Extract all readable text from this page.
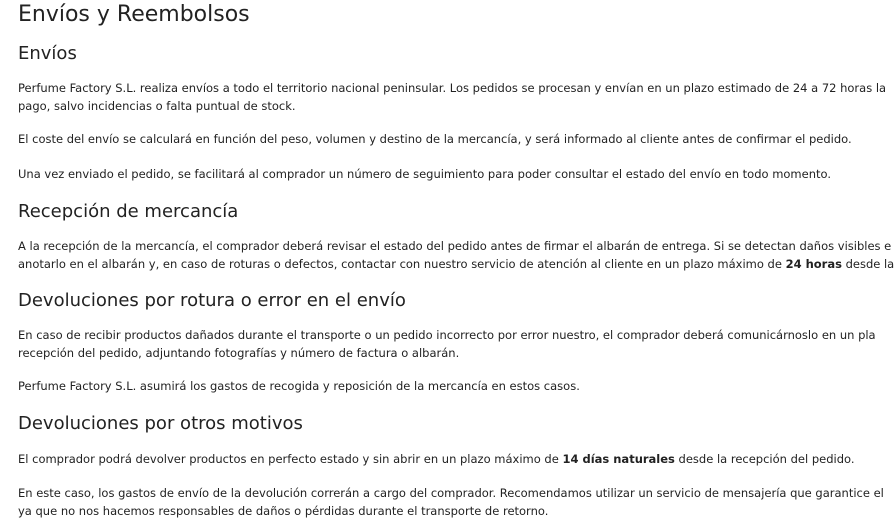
Envíos y Reembolsos
Envíos

Perfume Factory S.L. realiza envíos a todo el territorio nacional peninsular. Los pedidos se procesan y envían en un plazo estimado de 24 a 72 horas la
pago, salvo incidencias o falta puntual de stock.

El coste del envío se calculará en función del peso, volumen y destino de la mercancía, y será informado al cliente antes de confirmar el pedido.

Una vez enviado el pedido, se facilitará al comprador un número de seguimiento para poder consultar el estado del envío en todo momento.

Recepción de mercancía

A la recepción de la mercancía, el comprador deberá revisar el estado del pedido antes de firmar el albarán de entrega. Si se detectan daños visibles e
anotarlo en el albarán y, en caso de roturas o defectos, contactar con nuestro servicio de atención al cliente en un plazo máximo de 24 horas desde la

Devoluciones por rotura o error en el envío

En caso de recibir productos dañados durante el transporte o un pedido incorrecto por error nuestro, el comprador deberá comunicárnoslo en un pla
recepción del pedido, adjuntando fotografías y número de factura o albarán.

Perfume Factory S.L. asumirá los gastos de recogida y reposición de la mercancía en estos casos.

Devoluciones por otros motivos

El comprador podrá devolver productos en perfecto estado y sin abrir en un plazo máximo de 14 días naturales desde la recepción del pedido.

En este caso, los gastos de envío de la devolución correrán a cargo del comprador. Recomendamos utilizar un servicio de mensajería que garantice el
ya que no nos hacemos responsables de daños o pérdidas durante el transporte de retorno.
